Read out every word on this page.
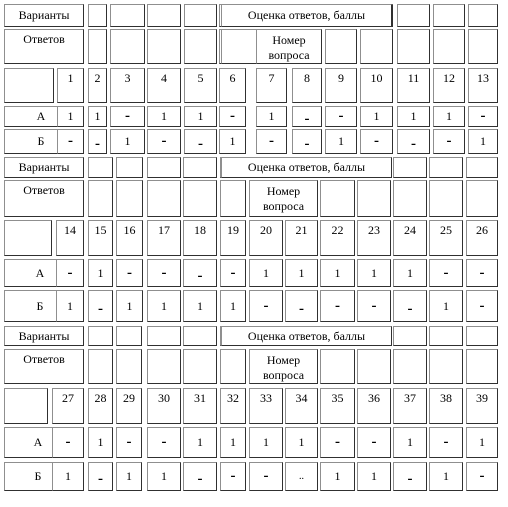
Варианты	Оценка ответов, баллы
Ответов	Номер вопроса
1	2	3	4	5	6	7	8	9	10	11	12	13
А	1	1	-	1	1	-	1	-	-	1	1	1	-
Б	-	-	1	-	-	1	-	-	1	-	-	-	1
Варианты	Оценка ответов, баллы
Ответов	Номер вопроса
14	15 16	17	18	19	20	21	22	23	24	25	26
А	-	1	-	-	-	-	1	1	1	1	1	-	-
Б	1	-	1	1	1	1	-	-	-	-	-	1	-
Варианты	Оценка ответов, баллы
Ответов	Номер вопроса
27	28 29	30	31	32	33	34	35	36	37	38	39
А	-	1	-	-	1	1	1	1	-	-	1	-	1
Б	1	-	1	1	-	-	-	..	1	1	-	1	-
